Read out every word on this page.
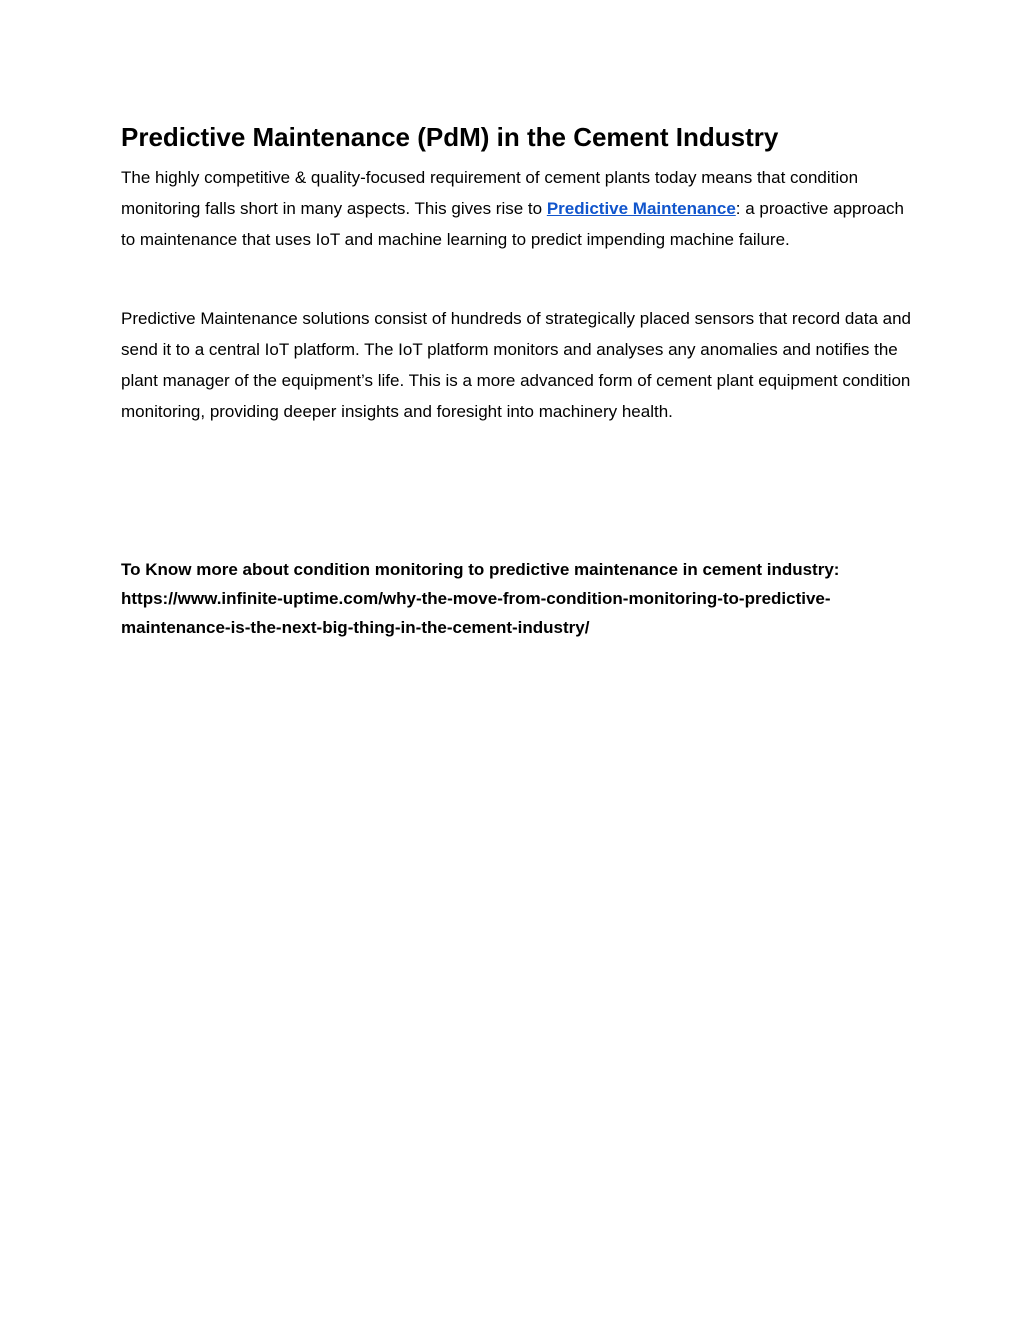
Predictive Maintenance (PdM) in the Cement Industry

The highly competitive & quality-focused requirement of cement plants today means that condition monitoring falls short in many aspects. This gives rise to Predictive Maintenance: a proactive approach to maintenance that uses IoT and machine learning to predict impending machine failure.

Predictive Maintenance solutions consist of hundreds of strategically placed sensors that record data and send it to a central IoT platform. The IoT platform monitors and analyses any anomalies and notifies the plant manager of the equipment’s life. This is a more advanced form of cement plant equipment condition monitoring, providing deeper insights and foresight into machinery health.

To Know more about condition monitoring to predictive maintenance in cement industry:
https://www.infinite-uptime.com/why-the-move-from-condition-monitoring-to-predictive-maintenance-is-the-next-big-thing-in-the-cement-industry/
